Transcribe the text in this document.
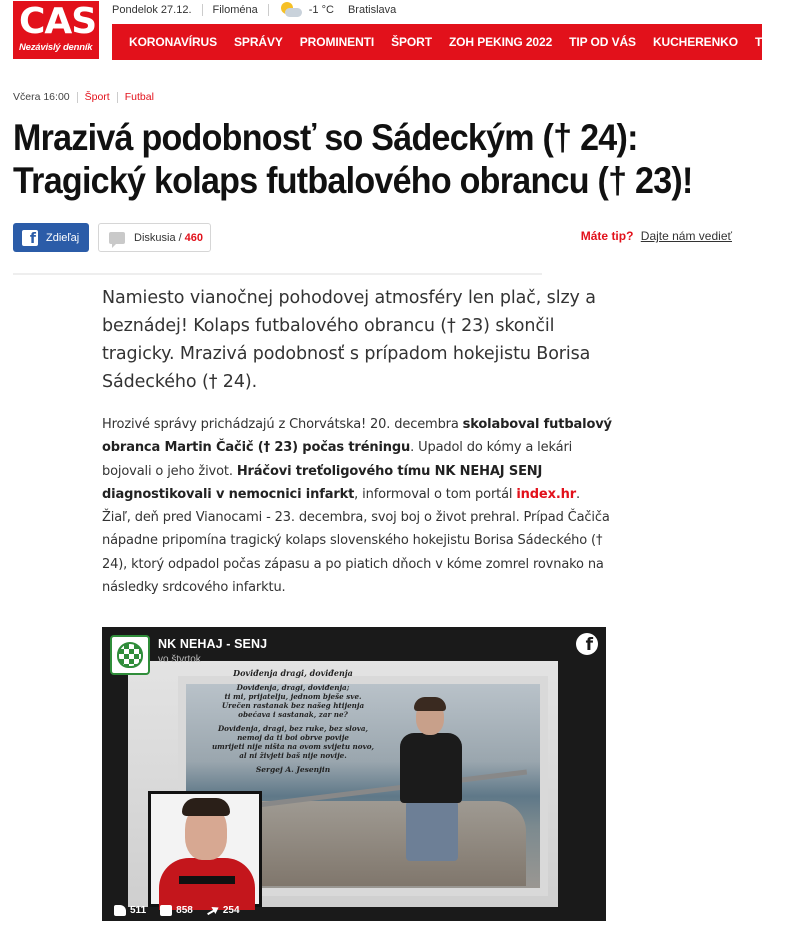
CAS
Nezávislý denník
Pondelok 27.12. Filoména	-1 °C Bratislava
KORONAVÍRUS SPRÁVY PROMINENTI ŠPORT ZOH PEKING 2022 TIP OD VÁS KUCHERENKO TIVI.SK
Včera 16:00 Šport Futbal
Mrazivá podobnosť so Sádeckým († 24): Tragický kolaps futbalového obrancu († 23)!
f Zdieľaj	Diskusia / 460	Máte tip? Dajte nám vedieť

Namiesto vianočnej pohodovej atmosféry len plač, slzy a beznádej! Kolaps futbalového obrancu († 23) skončil tragicky. Mrazivá podobnosť s prípadom hokejistu Borisa Sádeckého († 24).

Hrozivé správy prichádzajú z Chorvátska! 20. decembra skolaboval futbalový obranca Martin Čačič († 23) počas tréningu. Upadol do kómy a lekári bojovali o jeho život. Hráčovi treťoligového tímu NK NEHAJ SENJ diagnostikovali v nemocnici infarkt, informoval o tom portál index.hr. Žiaľ, deň pred Vianocami - 23. decembra, svoj boj o život prehral. Prípad Čačiča nápadne pripomína tragický kolaps slovenského hokejistu Borisa Sádeckého († 24), ktorý odpadol počas zápasu a po piatich dňoch v kóme zomrel rovnako na následky srdcového infarktu.

Doviđenja dragi, doviđenja
Doviđenja, dragi, doviđenja;
ti mi, prijatelju, jednom bješe sve.
Urečen rastanak bez našeg htijenja
obećava i sastanak, zar ne?
Doviđenja, dragi, bez ruke, bez slova,
nemoj da ti boi obrve povije
umrijeti nije ništa na ovom svijetu novo,
al ni živjeti baš nije novije.
Sergej A. Jesenjin
NK NEHAJ - SENJ
vo štvrtok
f
511	858	254
